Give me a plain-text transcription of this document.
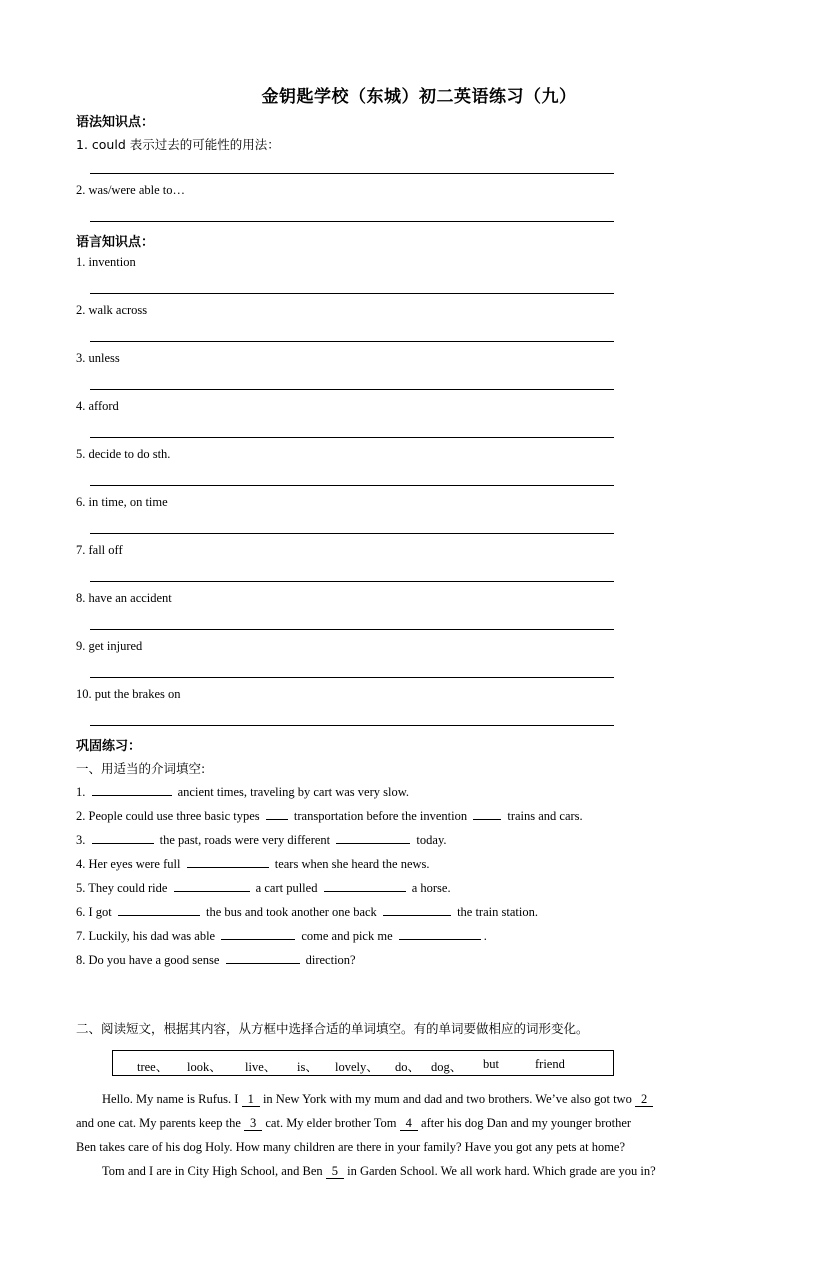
金钥匙学校（东城）初二英语练习（九）
语法知识点：
1. could 表示过去的可能性的用法：
2. was/were able to…
语言知识点：
1. invention
2. walk across
3. unless
4. afford
5. decide to do sth.
6. in time, on time
7. fall off
8. have an accident
9. get injured
10. put the brakes on
巩固练习：
一、用适当的介词填空:
1.	ancient times, traveling by cart was very slow.
2. People could use three basic types	transportation before the invention	trains and cars.
3.	the past, roads were very different	today.
4. Her eyes were full	tears when she heard the news.
5. They could ride	a cart pulled	a horse.
6. I got	the bus and took another one back	the train station.
7. Luckily, his dad was able	come and pick me	.
8. Do you have a good sense	direction?
二、阅读短文，根据其内容，从方框中选择合适的单词填空。有的单词要做相应的词形变化。
tree、 look、 live、 is、 lovely、 do、 dog、 but	friend
Hello. My name is Rufus. I 1 in New York with my mum and dad and two brothers. We’ve also got two 2
and one cat. My parents keep the 3 cat. My elder brother Tom 4 after his dog Dan and my younger brother
Ben takes care of his dog Holy. How many children are there in your family? Have you got any pets at home?
Tom and I are in City High School, and Ben 5 in Garden School. We all work hard. Which grade are you in?
